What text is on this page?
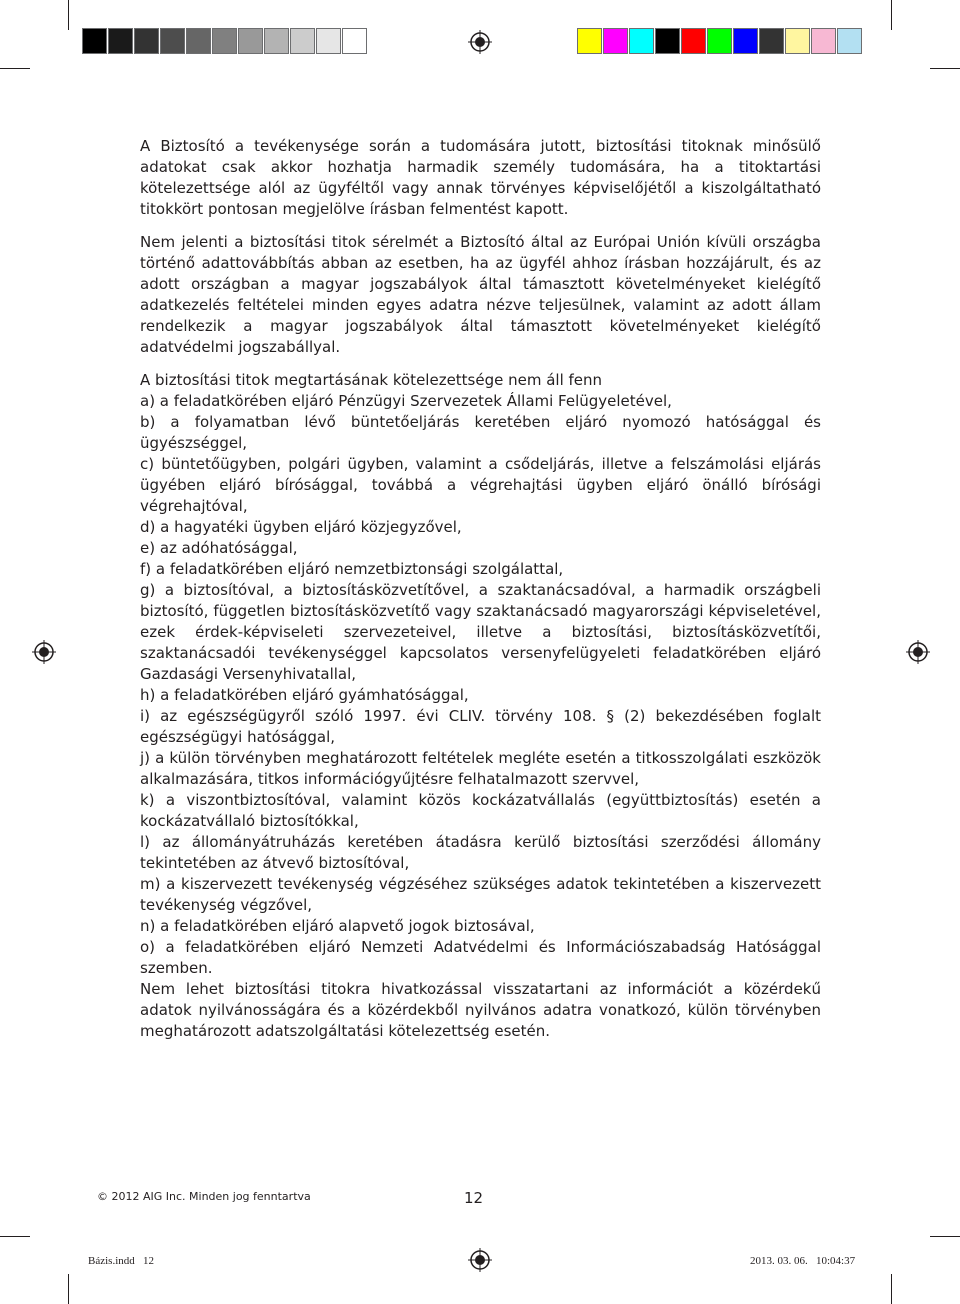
A Biztosító a tevékenysége során a tudomására jutott, biztosítási titoknak minősülő adatokat csak akkor hozhatja harmadik személy tudomására, ha a titoktartási kötelezettsége alól az ügyféltől vagy annak törvényes képviselőjétől a kiszolgáltatható titokkört pontosan megjelölve írásban felmentést kapott.

Nem jelenti a biztosítási titok sérelmét a Biztosító által az Európai Unión kívüli országba történő adattovábbítás abban az esetben, ha az ügyfél ahhoz írásban hozzájárult, és az adott országban a magyar jogszabályok által támasztott követelményeket kielégítő adatkezelés feltételei minden egyes adatra nézve teljesülnek, valamint az adott állam rendelkezik a magyar jogszabályok által támasztott követelményeket kielégítő adatvédelmi jogszabállyal.

A biztosítási titok megtartásának kötelezettsége nem áll fenn
a) a feladatkörében eljáró Pénzügyi Szervezetek Állami Felügyeletével,
b) a folyamatban lévő büntetőeljárás keretében eljáró nyomozó hatósággal és ügyészséggel,
c) büntetőügyben, polgári ügyben, valamint a csődeljárás, illetve a felszámolási eljárás ügyében eljáró bírósággal, továbbá a végrehajtási ügyben eljáró önálló bírósági végrehajtóval,
d) a hagyatéki ügyben eljáró közjegyzővel,
e) az adóhatósággal,
f) a feladatkörében eljáró nemzetbiztonsági szolgálattal,
g) a biztosítóval, a biztosításközvetítővel, a szaktanácsadóval, a harmadik országbeli biztosító, független biztosításközvetítő vagy szaktanácsadó magyarországi képviseletével, ezek érdek-képviseleti szervezeteivel, illetve a biztosítási, biztosításközvetítői, szaktanácsadói tevékenységgel kapcsolatos versenyfelügyeleti feladatkörében eljáró Gazdasági Versenyhivatallal,
h) a feladatkörében eljáró gyámhatósággal,
i) az egészségügyről szóló 1997. évi CLIV. törvény 108. § (2) bekezdésében foglalt egészségügyi hatósággal,
j) a külön törvényben meghatározott feltételek megléte esetén a titkosszolgálati eszközök alkalmazására, titkos információgyűjtésre felhatalmazott szervvel,
k) a viszontbiztosítóval, valamint közös kockázatvállalás (együttbiztosítás) esetén a kockázatvállaló biztosítókkal,
l) az állományátruházás keretében átadásra kerülő biztosítási szerződési állomány tekintetében az átvevő biztosítóval,
m) a kiszervezett tevékenység végzéséhez szükséges adatok tekintetében a kiszervezett tevékenység végzővel,
n) a feladatkörében eljáró alapvető jogok biztosával,
o) a feladatkörében eljáró Nemzeti Adatvédelmi és Információszabadság Hatósággal szemben.
Nem lehet biztosítási titokra hivatkozással visszatartani az információt a közérdekű adatok nyilvánosságára és a közérdekből nyilvános adatra vonatkozó, külön törvényben meghatározott adatszolgáltatási kötelezettség esetén.
© 2012 AIG Inc. Minden jog fenntartva	12
Bázis.indd   12	2013. 03. 06.   10:04:37
